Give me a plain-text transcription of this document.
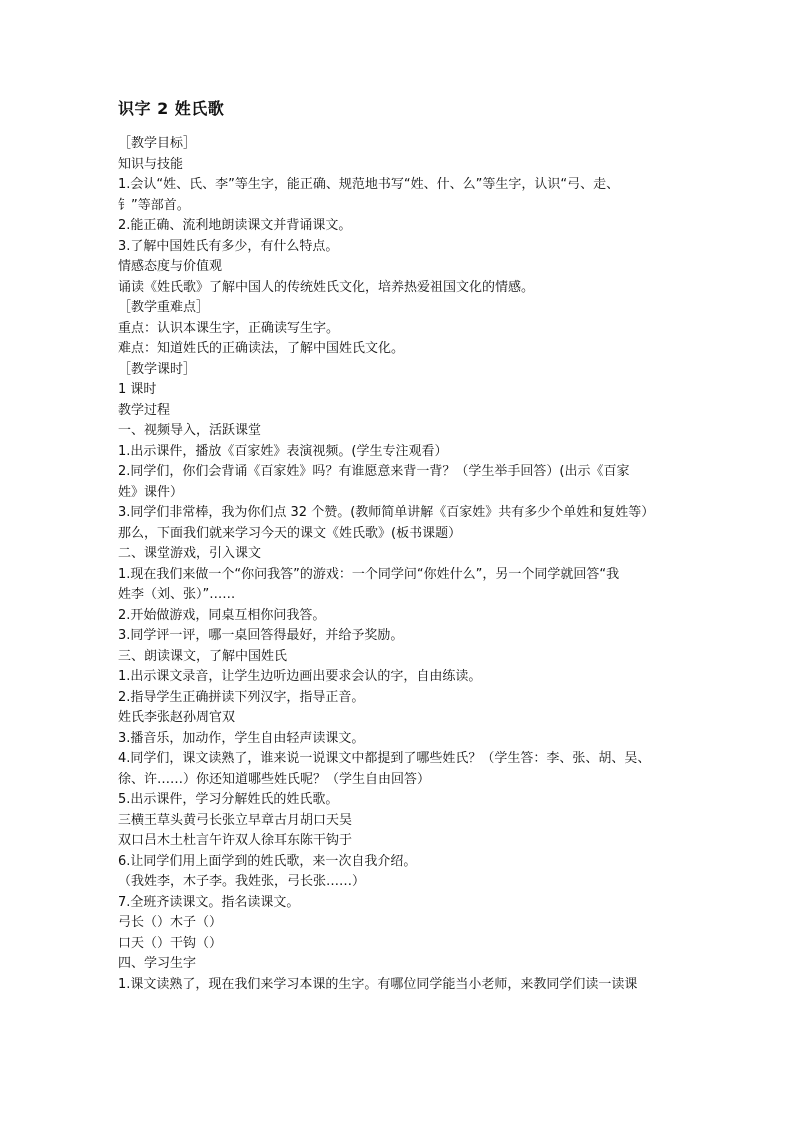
识字 2 姓氏歌
［教学目标］
知识与技能
1.会认“姓、氏、李”等生字，能正确、规范地书写“姓、什、么”等生字，认识“弓、走、
钅”等部首。
2.能正确、流利地朗读课文并背诵课文。
3.了解中国姓氏有多少，有什么特点。
情感态度与价值观
诵读《姓氏歌》了解中国人的传统姓氏文化，培养热爱祖国文化的情感。
［教学重难点］
重点：认识本课生字，正确读写生字。
难点：知道姓氏的正确读法，了解中国姓氏文化。
［教学课时］
1 课时
教学过程
一、视频导入，活跃课堂
1.出示课件，播放《百家姓》表演视频。(学生专注观看）
2.同学们，你们会背诵《百家姓》吗？有谁愿意来背一背？（学生举手回答）(出示《百家
姓》课件）
3.同学们非常棒，我为你们点 32 个赞。(教师简单讲解《百家姓》共有多少个单姓和复姓等）
那么，下面我们就来学习今天的课文《姓氏歌》(板书课题）
二、课堂游戏，引入课文
1.现在我们来做一个“你问我答”的游戏：一个同学问“你姓什么”，另一个同学就回答“我
姓李（刘、张）”……
2.开始做游戏，同桌互相你问我答。
3.同学评一评，哪一桌回答得最好，并给予奖励。
三、朗读课文，了解中国姓氏
1.出示课文录音，让学生边听边画出要求会认的字，自由练读。
2.指导学生正确拼读下列汉字，指导正音。
姓氏李张赵孙周官双
3.播音乐，加动作，学生自由轻声读课文。
4.同学们，课文读熟了，谁来说一说课文中都提到了哪些姓氏？（学生答：李、张、胡、吴、
徐、许……）你还知道哪些姓氏呢？（学生自由回答）
5.出示课件，学习分解姓氏的姓氏歌。
三横王草头黄弓长张立早章古月胡口天吴
双口吕木土杜言午许双人徐耳东陈干钩于
6.让同学们用上面学到的姓氏歌，来一次自我介绍。
（我姓李，木子李。我姓张，弓长张……）
7.全班齐读课文。指名读课文。
弓长（）木子（）
口天（）干钩（）
四、学习生字
1.课文读熟了，现在我们来学习本课的生字。有哪位同学能当小老师，来教同学们读一读课
